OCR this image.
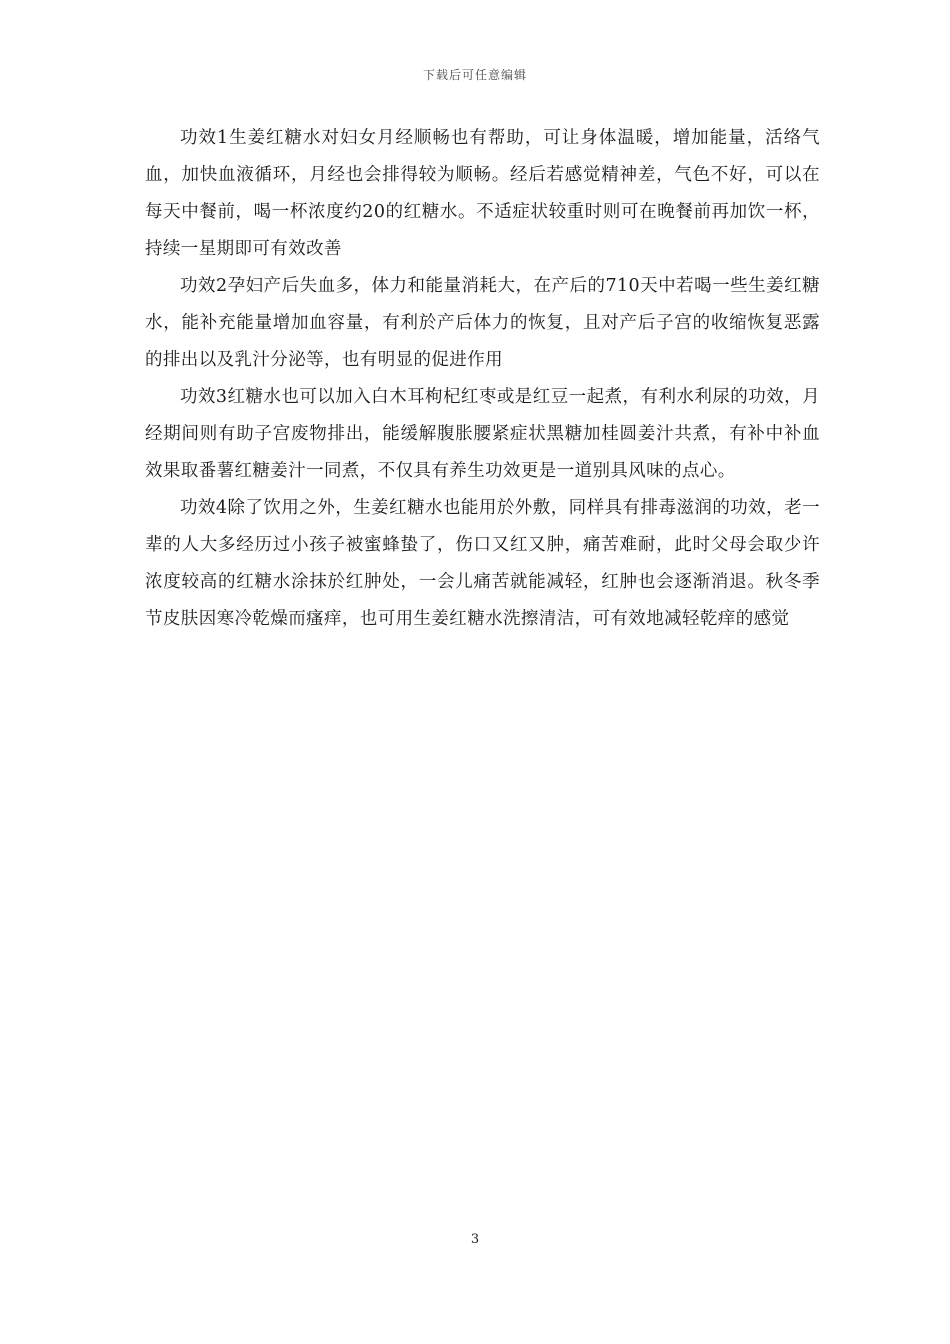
下载后可任意编辑

功效1生姜红糖水对妇女月经顺畅也有帮助，可让身体温暖，增加能量，活络气血，加快血液循环，月经也会排得较为顺畅。经后若感觉精神差，气色不好，可以在每天中餐前，喝一杯浓度约20的红糖水。不适症状较重时则可在晚餐前再加饮一杯，持续一星期即可有效改善

功效2孕妇产后失血多，体力和能量消耗大，在产后的710天中若喝一些生姜红糖水，能补充能量增加血容量，有利於产后体力的恢复，且对产后子宫的收缩恢复恶露的排出以及乳汁分泌等，也有明显的促进作用

功效3红糖水也可以加入白木耳枸杞红枣或是红豆一起煮，有利水利尿的功效，月经期间则有助子宫废物排出，能缓解腹胀腰紧症状黑糖加桂圆姜汁共煮，有补中补血效果取番薯红糖姜汁一同煮，不仅具有养生功效更是一道别具风味的点心。

功效4除了饮用之外，生姜红糖水也能用於外敷，同样具有排毒滋润的功效，老一辈的人大多经历过小孩子被蜜蜂蛰了，伤口又红又肿，痛苦难耐，此时父母会取少许浓度较高的红糖水涂抹於红肿处，一会儿痛苦就能减轻，红肿也会逐渐消退。秋冬季节皮肤因寒冷乾燥而瘙痒，也可用生姜红糖水洗擦清洁，可有效地减轻乾痒的感觉

3
